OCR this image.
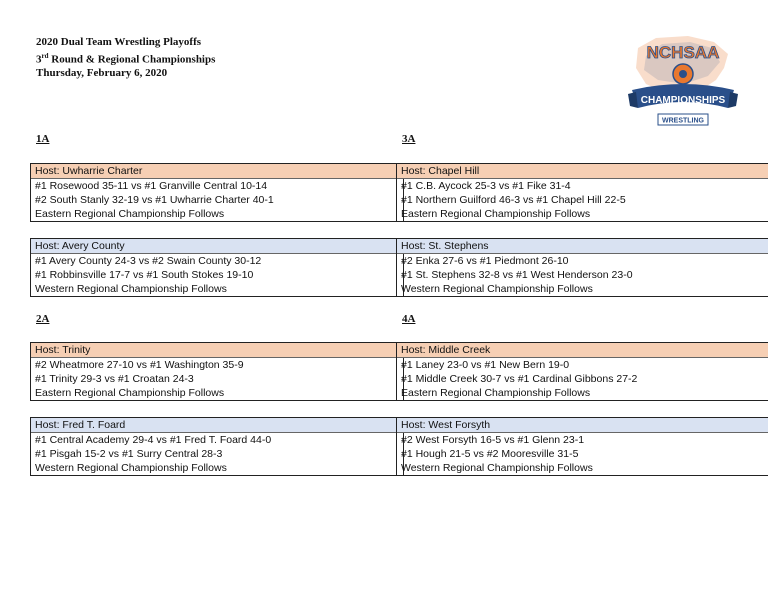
2020 Dual Team Wrestling Playoffs
3rd Round & Regional Championships
Thursday, February 6, 2020
NCHSAA
CHAMPIONSHIPS
WRESTLING
1A	3A
Host: Uwharrie Charter
#1 Rosewood 35-11 vs #1 Granville Central 10-14
#2 South Stanly 32-19 vs #1 Uwharrie Charter 40-1
Eastern Regional Championship Follows
Host: Chapel Hill
#1 C.B. Aycock 25-3 vs #1 Fike 31-4
#1 Northern Guilford 46-3 vs #1 Chapel Hill 22-5
Eastern Regional Championship Follows
Host: Avery County
#1 Avery County 24-3 vs #2 Swain County 30-12
#1 Robbinsville 17-7 vs #1 South Stokes 19-10
Western Regional Championship Follows
Host: St. Stephens
#2 Enka 27-6 vs #1 Piedmont 26-10
#1 St. Stephens 32-8 vs #1 West Henderson 23-0
Western Regional Championship Follows
2A	4A
Host: Trinity
#2 Wheatmore 27-10 vs #1 Washington 35-9
#1 Trinity 29-3 vs #1 Croatan 24-3
Eastern Regional Championship Follows
Host: Middle Creek
#1 Laney 23-0 vs #1 New Bern 19-0
#1 Middle Creek 30-7 vs #1 Cardinal Gibbons 27-2
Eastern Regional Championship Follows
Host: Fred T. Foard
#1 Central Academy 29-4 vs #1 Fred T. Foard 44-0
#1 Pisgah 15-2 vs #1 Surry Central 28-3
Western Regional Championship Follows
Host: West Forsyth
#2 West Forsyth 16-5 vs #1 Glenn 23-1
#1 Hough 21-5 vs #2 Mooresville 31-5
Western Regional Championship Follows
